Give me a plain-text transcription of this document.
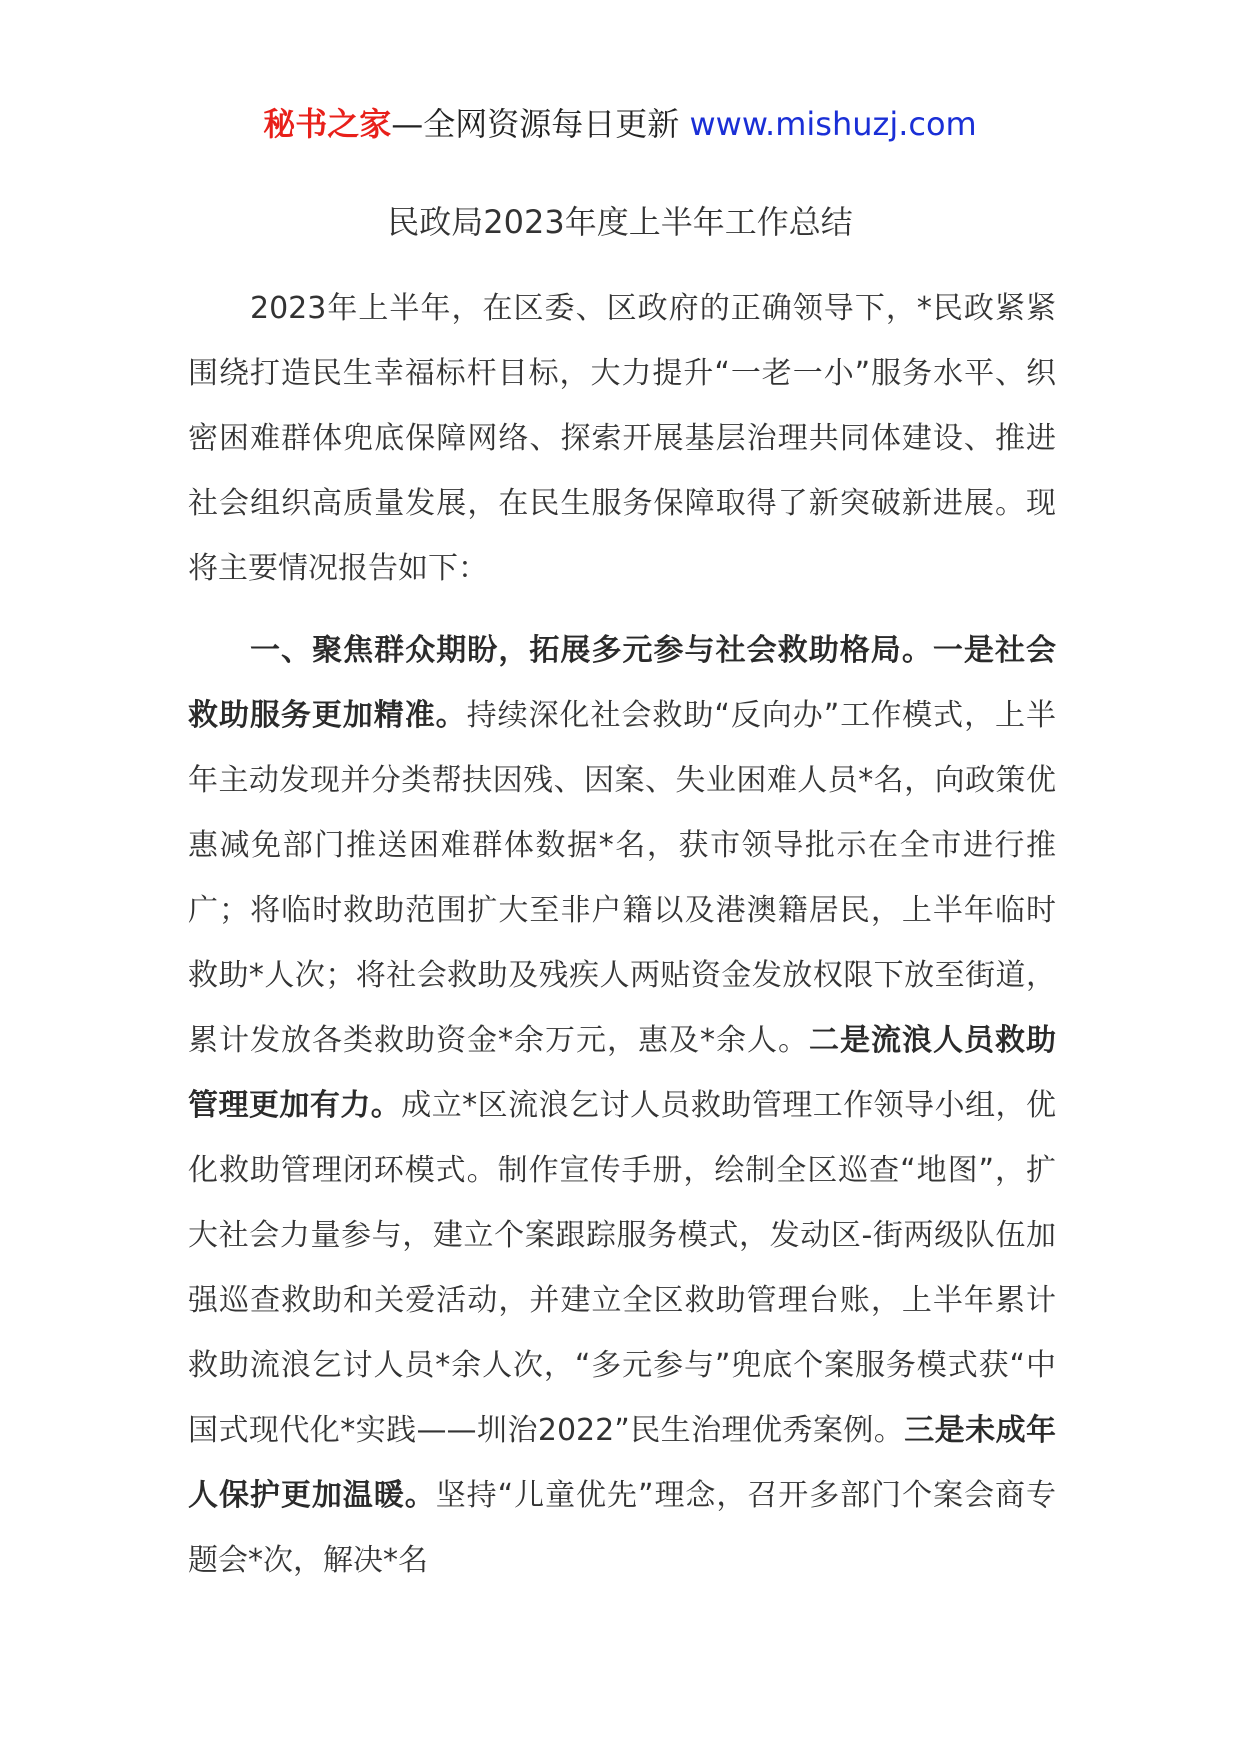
秘书之家—全网资源每日更新 www.mishuzj.com
民政局2023年度上半年工作总结

2023年上半年，在区委、区政府的正确领导下，*民政紧紧围绕打造民生幸福标杆目标，大力提升“一老一小”服务水平、织密困难群体兜底保障网络、探索开展基层治理共同体建设、推进社会组织高质量发展，在民生服务保障取得了新突破新进展。现将主要情况报告如下：

一、聚焦群众期盼，拓展多元参与社会救助格局。一是社会救助服务更加精准。持续深化社会救助“反向办”工作模式，上半年主动发现并分类帮扶因残、因案、失业困难人员*名，向政策优惠减免部门推送困难群体数据*名，获市领导批示在全市进行推广；将临时救助范围扩大至非户籍以及港澳籍居民，上半年临时救助*人次；将社会救助及残疾人两贴资金发放权限下放至街道，累计发放各类救助资金*余万元，惠及*余人。二是流浪人员救助管理更加有力。成立*区流浪乞讨人员救助管理工作领导小组，优化救助管理闭环模式。制作宣传手册，绘制全区巡查“地图”，扩大社会力量参与，建立个案跟踪服务模式，发动区-街两级队伍加强巡查救助和关爱活动，并建立全区救助管理台账，上半年累计救助流浪乞讨人员*余人次，“多元参与”兜底个案服务模式获“中国式现代化*实践——圳治2022”民生治理优秀案例。三是未成年人保护更加温暖。坚持“儿童优先”理念，召开多部门个案会商专题会*次，解决*名
